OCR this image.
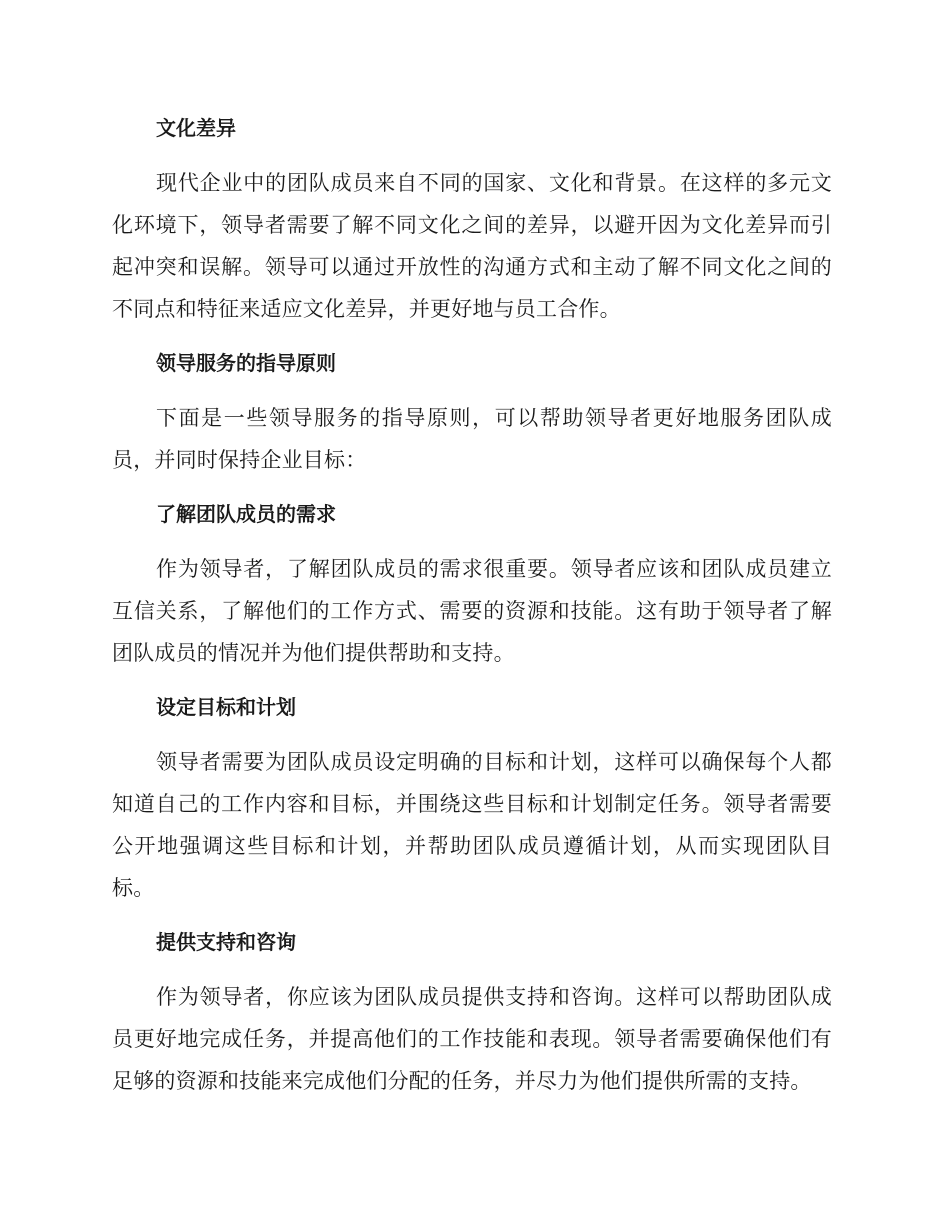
文化差异

现代企业中的团队成员来自不同的国家、文化和背景。在这样的多元文化环境下，领导者需要了解不同文化之间的差异，以避开因为文化差异而引起冲突和误解。领导可以通过开放性的沟通方式和主动了解不同文化之间的不同点和特征来适应文化差异，并更好地与员工合作。

领导服务的指导原则

下面是一些领导服务的指导原则，可以帮助领导者更好地服务团队成员，并同时保持企业目标：

了解团队成员的需求

作为领导者，了解团队成员的需求很重要。领导者应该和团队成员建立互信关系，了解他们的工作方式、需要的资源和技能。这有助于领导者了解团队成员的情况并为他们提供帮助和支持。

设定目标和计划

领导者需要为团队成员设定明确的目标和计划，这样可以确保每个人都知道自己的工作内容和目标，并围绕这些目标和计划制定任务。领导者需要公开地强调这些目标和计划，并帮助团队成员遵循计划，从而实现团队目标。

提供支持和咨询

作为领导者，你应该为团队成员提供支持和咨询。这样可以帮助团队成员更好地完成任务，并提高他们的工作技能和表现。领导者需要确保他们有足够的资源和技能来完成他们分配的任务，并尽力为他们提供所需的支持。
